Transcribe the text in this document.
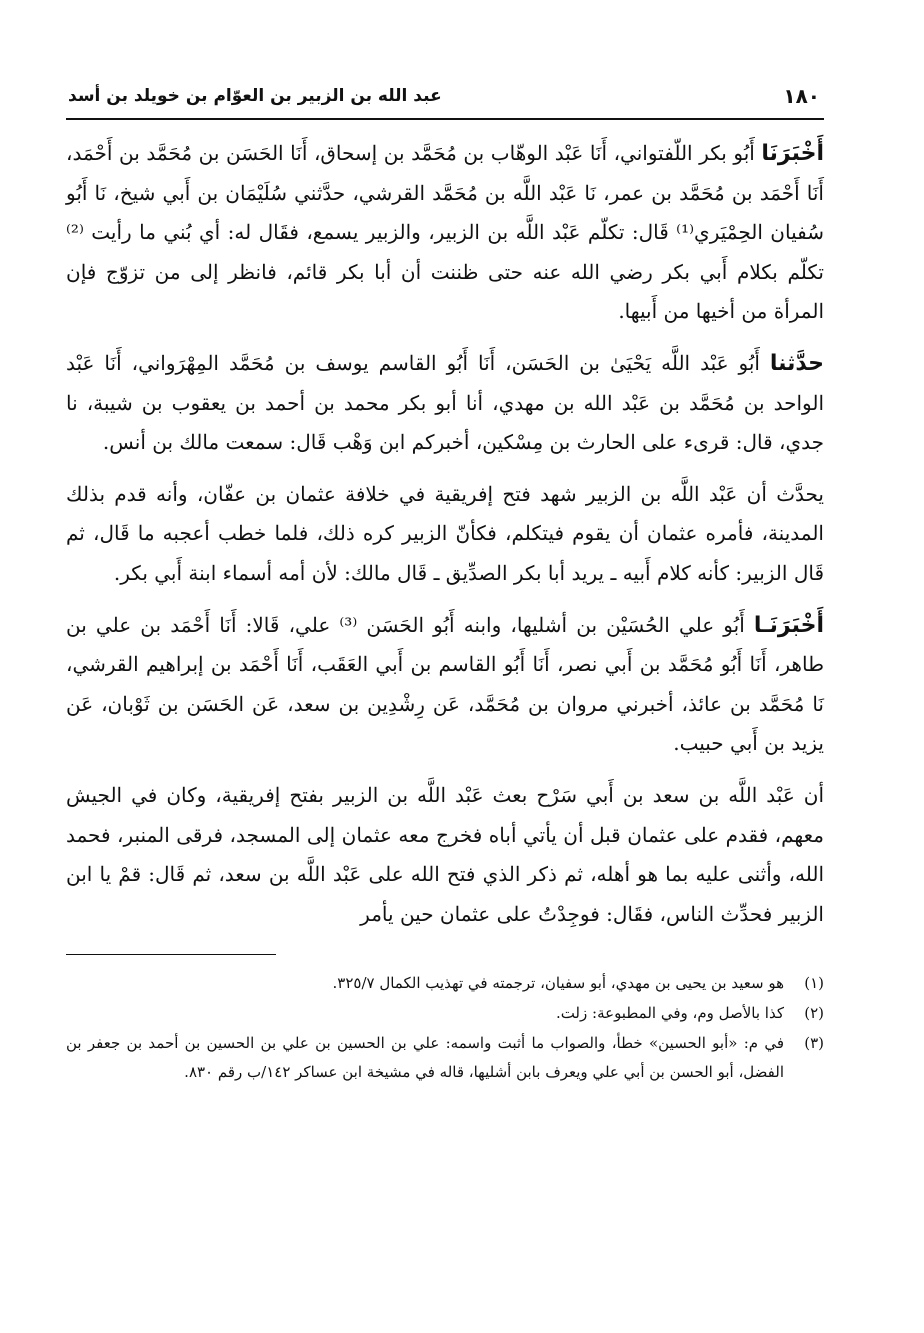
١٨٠
عبد الله بن الزبير بن العوّام بن خويلد بن أسد

أَخْبَرَنَا أَبُو بكر اللّفتواني، أَنَا عَبْد الوهّاب بن مُحَمَّد بن إسحاق، أَنَا الحَسَن بن مُحَمَّد بن أَحْمَد، أَنَا أَحْمَد بن مُحَمَّد بن عمر، نَا عَبْد اللَّه بن مُحَمَّد القرشي، حدَّثني سُلَيْمَان بن أَبي شيخ، نَا أَبُو سُفيان الحِمْيَري⁽¹⁾ قَال: تكلّم عَبْد اللَّه بن الزبير، والزبير يسمع، فقَال له: أي بُني ما رأيت ⁽²⁾ تكلّم بكلام أَبي بكر رضي الله عنه حتى ظننت أن أبا بكر قائم، فانظر إلى من تزوّج فإن المرأة من أخيها من أَبيها.

حدَّثنا أَبُو عَبْد اللَّه يَحْيَىٰ بن الحَسَن، أَنَا أَبُو القاسم يوسف بن مُحَمَّد المِهْرَواني، أَنَا عَبْد الواحد بن مُحَمَّد بن عَبْد الله بن مهدي، أنا أبو بكر محمد بن أحمد بن يعقوب بن شيبة، نا جدي، قال: قرىء على الحارث بن مِسْكين، أخبركم ابن وَهْب قَال: سمعت مالك بن أنس.

يحدَّث أن عَبْد اللَّه بن الزبير شهد فتح إفريقية في خلافة عثمان بن عفّان، وأنه قدم بذلك المدينة، فأمره عثمان أن يقوم فيتكلم، فكأنّ الزبير كره ذلك، فلما خطب أعجبه ما قَال، ثم قَال الزبير: كأنه كلام أَبيه ـ يريد أبا بكر الصدِّيق ـ قَال مالك: لأن أمه أسماء ابنة أَبي بكر.

أَخْبَرَنَـا أَبُو علي الحُسَيْن بن أشليها، وابنه أَبُو الحَسَن ⁽³⁾ علي، قَالا: أَنَا أَحْمَد بن علي بن طاهر، أَنَا أَبُو مُحَمَّد بن أَبي نصر، أَنَا أَبُو القاسم بن أَبي العَقَب، أَنَا أَحْمَد بن إبراهيم القرشي، نَا مُحَمَّد بن عائذ، أخبرني مروان بن مُحَمَّد، عَن رِشْدِين بن سعد، عَن الحَسَن بن ثَوْبان، عَن يزيد بن أَبي حبيب.

أن عَبْد اللَّه بن سعد بن أَبي سَرْح بعث عَبْد اللَّه بن الزبير بفتح إفريقية، وكان في الجيش معهم، فقدم على عثمان قبل أن يأتي أباه فخرج معه عثمان إلى المسجد، فرقى المنبر، فحمد الله، وأثنى عليه بما هو أهله، ثم ذكر الذي فتح الله على عَبْد اللَّه بن سعد، ثم قَال: قمْ يا ابن الزبير فحدِّث الناس، فقَال: فوجِدْتُ على عثمان حين يأمر

(١)
هو سعيد بن يحيى بن مهدي، أبو سفيان، ترجمته في تهذيب الكمال ٣٢٥/٧.
(٢)
كذا بالأصل وم، وفي المطبوعة: زلت.
(٣)
في م: «أبو الحسين» خطأ، والصواب ما أثبت واسمه: علي بن الحسين بن علي بن الحسين بن أحمد بن جعفر بن الفضل، أبو الحسن بن أبي علي ويعرف بابن أشليها، قاله في مشيخة ابن عساكر ١٤٢/ب رقم ٨٣٠.
